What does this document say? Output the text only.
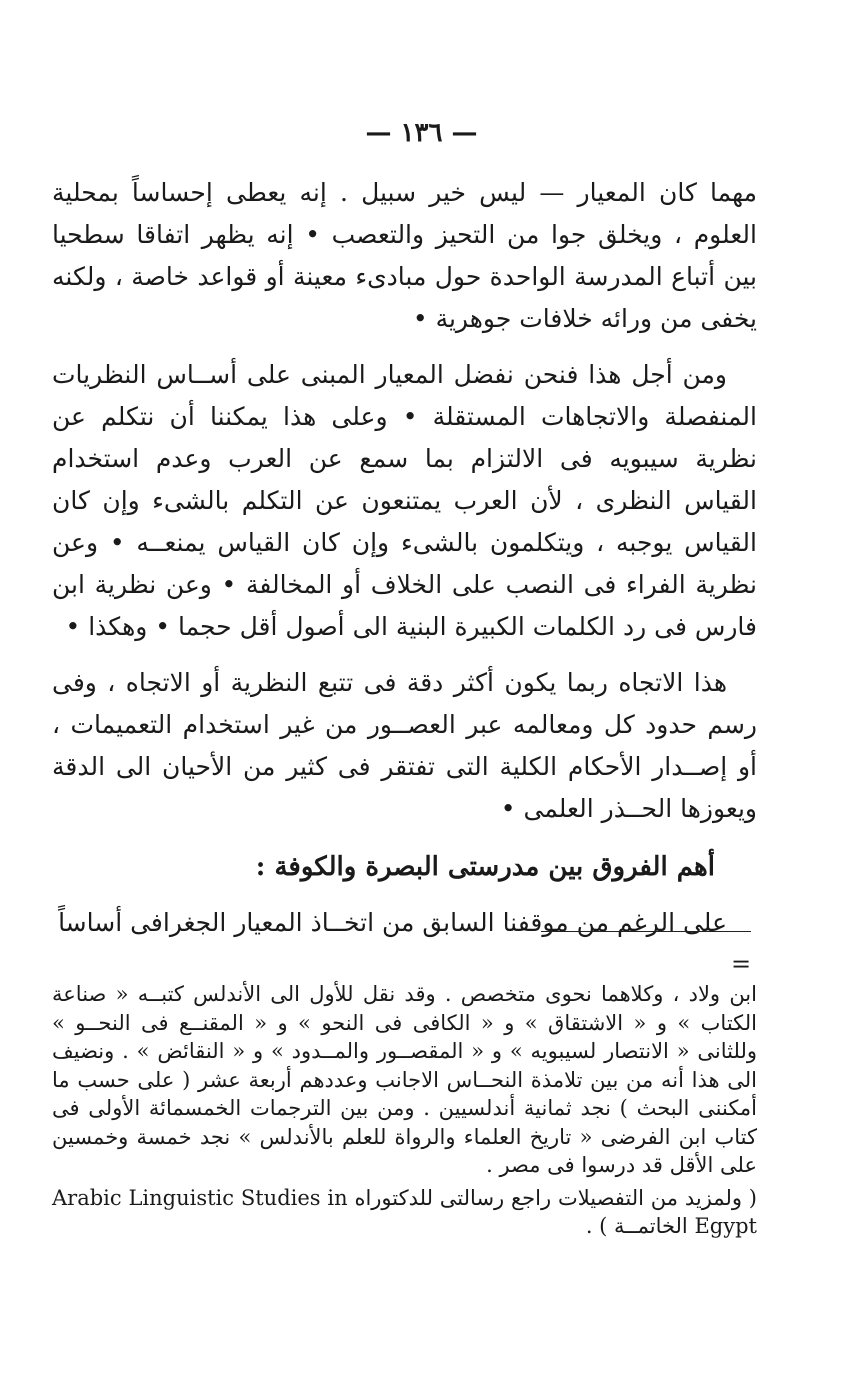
— ١٣٦ —

مهما كان المعيار — ليس خير سبيل . إنه يعطى إحساساً بمحلية العلوم ، ويخلق جوا من التحيز والتعصب • إنه يظهر اتفاقا سطحيا بين أتباع المدرسة الواحدة حول مبادىء معينة أو قواعد خاصة ، ولكنه يخفى من ورائه خلافات جوهرية •

ومن أجل هذا فنحن نفضل المعيار المبنى على أســاس النظريات المنفصلة والاتجاهات المستقلة • وعلى هذا يمكننا أن نتكلم عن نظرية سيبويه فى الالتزام بما سمع عن العرب وعدم استخدام القياس النظرى ، لأن العرب يمتنعون عن التكلم بالشىء وإن كان القياس يوجبه ، ويتكلمون بالشىء وإن كان القياس يمنعــه • وعن نظرية الفراء فى النصب على الخلاف أو المخالفة • وعن نظرية ابن فارس فى رد الكلمات الكبيرة البنية الى أصول أقل حجما • وهكذا •

هذا الاتجاه ربما يكون أكثر دقة فى تتبع النظرية أو الاتجاه ، وفى رسم حدود كل ومعالمه عبر العصــور من غير استخدام التعميمات ، أو إصــدار الأحكام الكلية التى تفتقر فى كثير من الأحيان الى الدقة ويعوزها الحــذر العلمى •

أهم الفروق بين مدرستى البصرة والكوفة :

على الرغم من موقفنا السابق من اتخــاذ المعيار الجغرافى أساساً

=

ابن ولاد ، وكلاهما نحوى متخصص . وقد نقل للأول الى الأندلس كتبــه « صناعة الكتاب » و « الاشتقاق » و « الكافى فى النحو » و « المقنــع فى النحــو » وللثانى « الانتصار لسيبويه » و « المقصــور والمــدود » و « النقائض » . ونضيف الى هذا أنه من بين تلامذة النحــاس الاجانب وعددهم أربعة عشر ( على حسب ما أمكننى البحث ) نجد ثمانية أندلسيين . ومن بين الترجمات الخمسمائة الأولى فى كتاب ابن الفرضى « تاريخ العلماء والرواة للعلم بالأندلس » نجد خمسة وخمسين على الأقل قد درسوا فى مصر .

( ولمزيد من التفصيلات راجع رسالتى للدكتوراه Arabic Linguistic Studies in Egypt الخاتمــة ) .
